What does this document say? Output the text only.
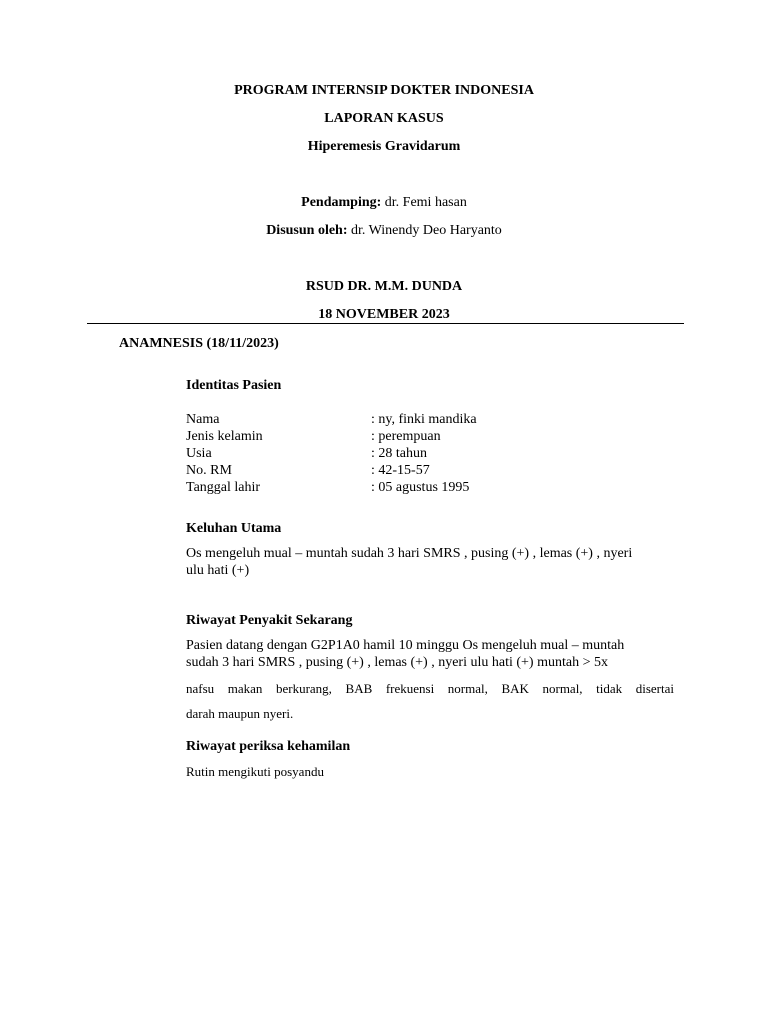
PROGRAM INTERNSIP DOKTER INDONESIA
LAPORAN KASUS
Hiperemesis Gravidarum
Pendamping: dr. Femi hasan
Disusun oleh: dr. Winendy Deo Haryanto
RSUD DR. M.M. DUNDA
18 NOVEMBER 2023
ANAMNESIS (18/11/2023)
Identitas Pasien
Nama	: ny, finki mandika
Jenis kelamin	: perempuan
Usia	: 28 tahun
No. RM	: 42-15-57
Tanggal lahir	: 05 agustus 1995
Keluhan Utama
Os mengeluh mual – muntah sudah 3 hari SMRS , pusing (+) , lemas (+) , nyeri
ulu hati (+)
Riwayat Penyakit Sekarang
Pasien datang dengan G2P1A0 hamil 10 minggu Os mengeluh mual – muntah
sudah 3 hari SMRS , pusing (+) , lemas (+) , nyeri ulu hati (+) muntah > 5x
nafsu makan berkurang, BAB frekuensi normal, BAK normal, tidak disertai
darah maupun nyeri.
Riwayat periksa kehamilan
Rutin mengikuti posyandu
